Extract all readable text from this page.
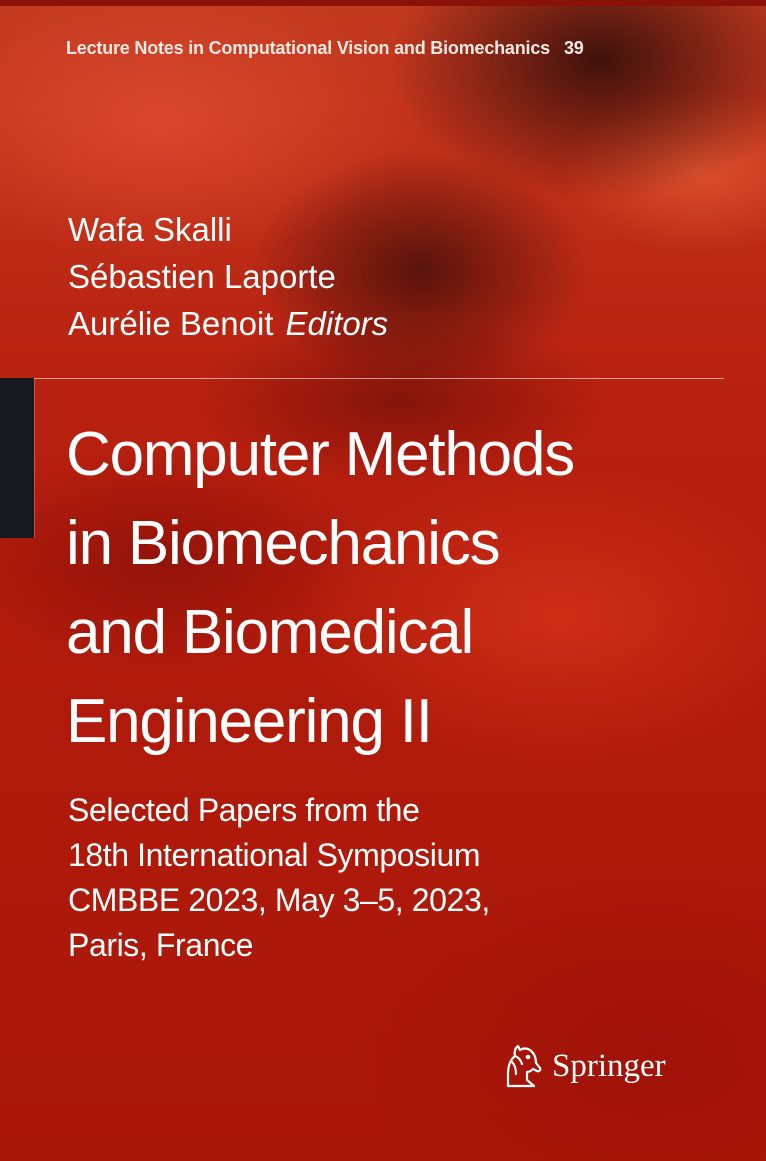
Lecture Notes in Computational Vision and Biomechanics 39
Wafa Skalli
Sébastien Laporte
Aurélie Benoit Editors
Computer Methods
in Biomechanics
and Biomedical
Engineering II
Selected Papers from the
18th International Symposium
CMBBE 2023, May 3–5, 2023,
Paris, France
Springer
